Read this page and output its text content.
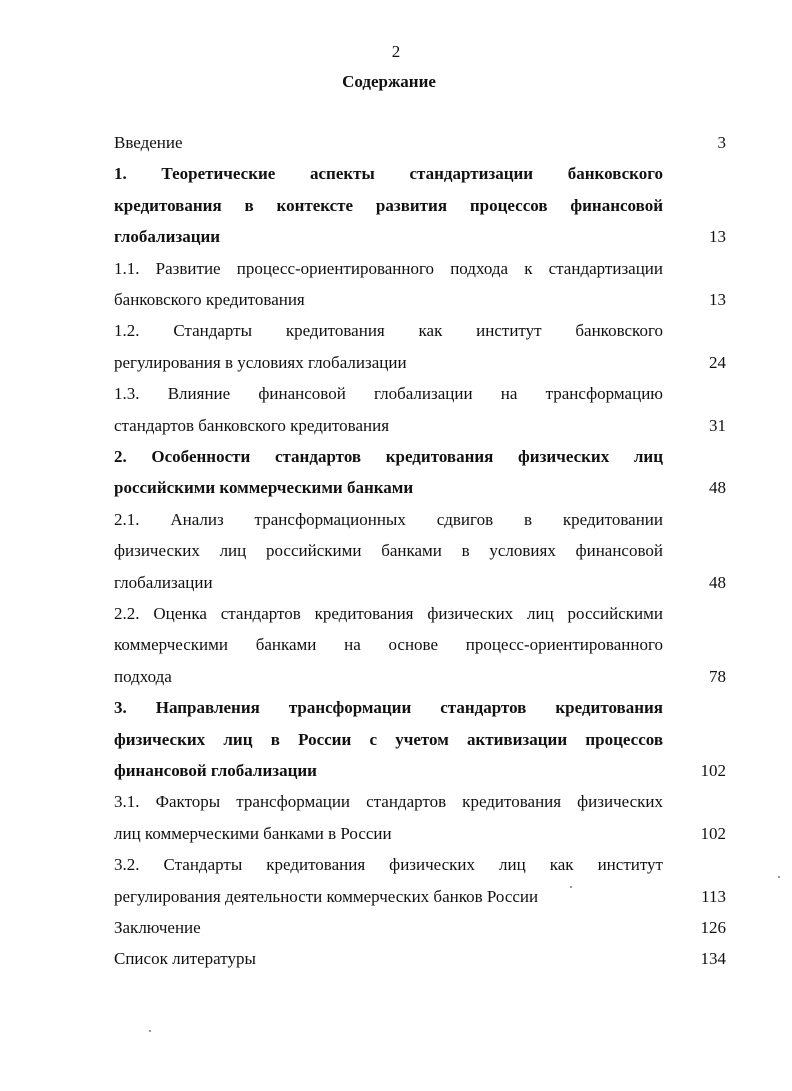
2
Содержание
Введение	3
1. Теоретические аспекты стандартизации банковского
кредитования в контексте развития процессов финансовой
глобализации	13
1.1. Развитие процесс-ориентированного подхода к стандартизации
банковского кредитования	13
1.2. Стандарты кредитования как институт банковского
регулирования в условиях глобализации	24
1.3. Влияние финансовой глобализации на трансформацию
стандартов банковского кредитования	31
2. Особенности стандартов кредитования физических лиц
российскими коммерческими банками	48
2.1. Анализ трансформационных сдвигов в кредитовании
физических лиц российскими банками в условиях финансовой
глобализации	48
2.2. Оценка стандартов кредитования физических лиц российскими
коммерческими банками на основе процесс-ориентированного
подхода	78
3. Направления трансформации стандартов кредитования
физических лиц в России с учетом активизации процессов
финансовой глобализации	102
3.1. Факторы трансформации стандартов кредитования физических
лиц коммерческими банками в России	102
3.2. Стандарты кредитования физических лиц как институт
регулирования деятельности коммерческих банков России	113
Заключение	126
Список литературы	134
